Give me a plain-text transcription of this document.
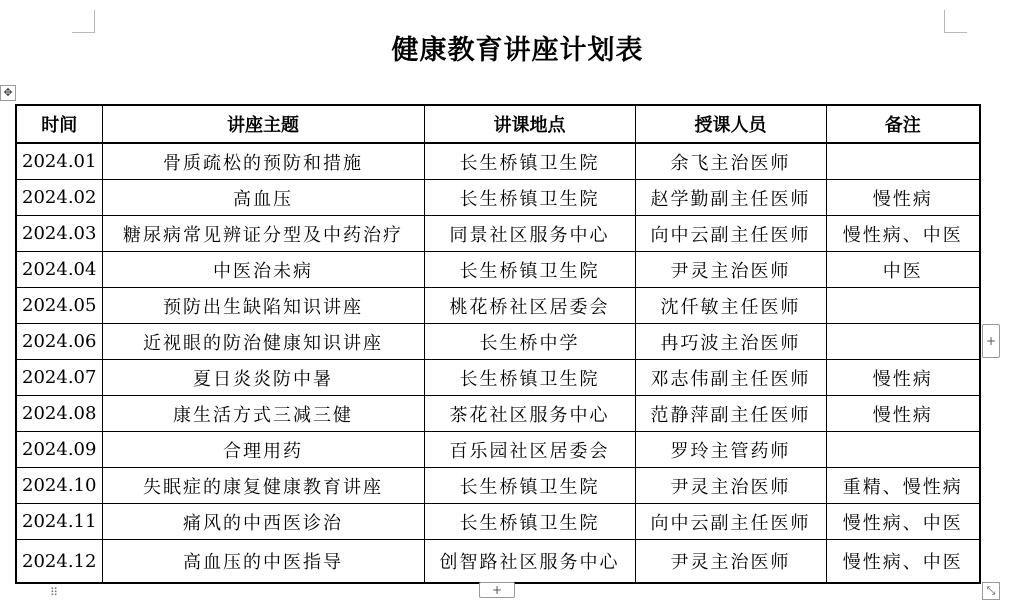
健康教育讲座计划表
✥
时间	讲座主题	讲课地点	授课人员	备注
2024.01	骨质疏松的预防和措施	长生桥镇卫生院	余飞主治医师	
2024.02	高血压	长生桥镇卫生院	赵学勤副主任医师	慢性病
2024.03	糖尿病常见辨证分型及中药治疗	同景社区服务中心	向中云副主任医师	慢性病、中医
2024.04	中医治未病	长生桥镇卫生院	尹灵主治医师	中医
2024.05	预防出生缺陷知识讲座	桃花桥社区居委会	沈仟敏主任医师	
2024.06	近视眼的防治健康知识讲座	长生桥中学	冉巧波主治医师	
2024.07	夏日炎炎防中暑	长生桥镇卫生院	邓志伟副主任医师	慢性病
2024.08	康生活方式三减三健	茶花社区服务中心	范静萍副主任医师	慢性病
2024.09	合理用药	百乐园社区居委会	罗玲主管药师	
2024.10	失眠症的康复健康教育讲座	长生桥镇卫生院	尹灵主治医师	重精、慢性病
2024.11	痛风的中西医诊治	长生桥镇卫生院	向中云副主任医师	慢性病、中医
2024.12	高血压的中医指导	创智路社区服务中心	尹灵主治医师	慢性病、中医
+
+
⠿	⤡
